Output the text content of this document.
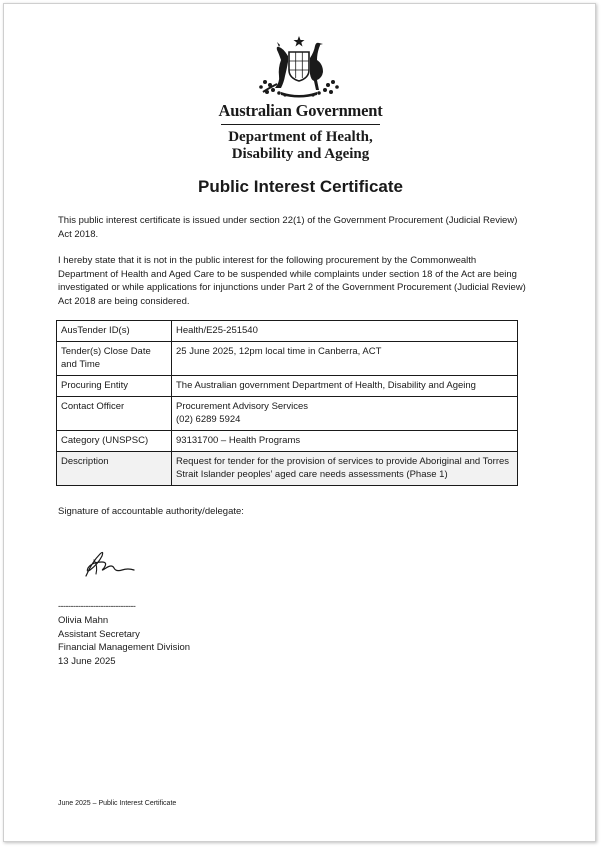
Australian Government
Department of Health,
Disability and Ageing
Public Interest Certificate

This public interest certificate is issued under section 22(1) of the Government Procurement (Judicial Review) Act 2018.

I hereby state that it is not in the public interest for the following procurement by the Commonwealth Department of Health and Aged Care to be suspended while complaints under section 18 of the Act are being investigated or while applications for injunctions under Part 2 of the Government Procurement (Judicial Review) Act 2018 are being considered.

AusTender ID(s)	Health/E25-251540
Tender(s) Close Date and Time	25 June 2025, 12pm local time in Canberra, ACT
Procuring Entity	The Australian government Department of Health, Disability and Ageing
Contact Officer	Procurement Advisory Services
(02) 6289 5924

Category (UNSPSC)	93131700 – Health Programs
Description	Request for tender for the provision of services to provide Aboriginal and Torres Strait Islander peoples’ aged care needs assessments (Phase 1)
Signature of accountable authority/delegate:
-------------------------------
Olivia Mahn
Assistant Secretary
Financial Management Division
13 June 2025
June 2025 – Public Interest Certificate
